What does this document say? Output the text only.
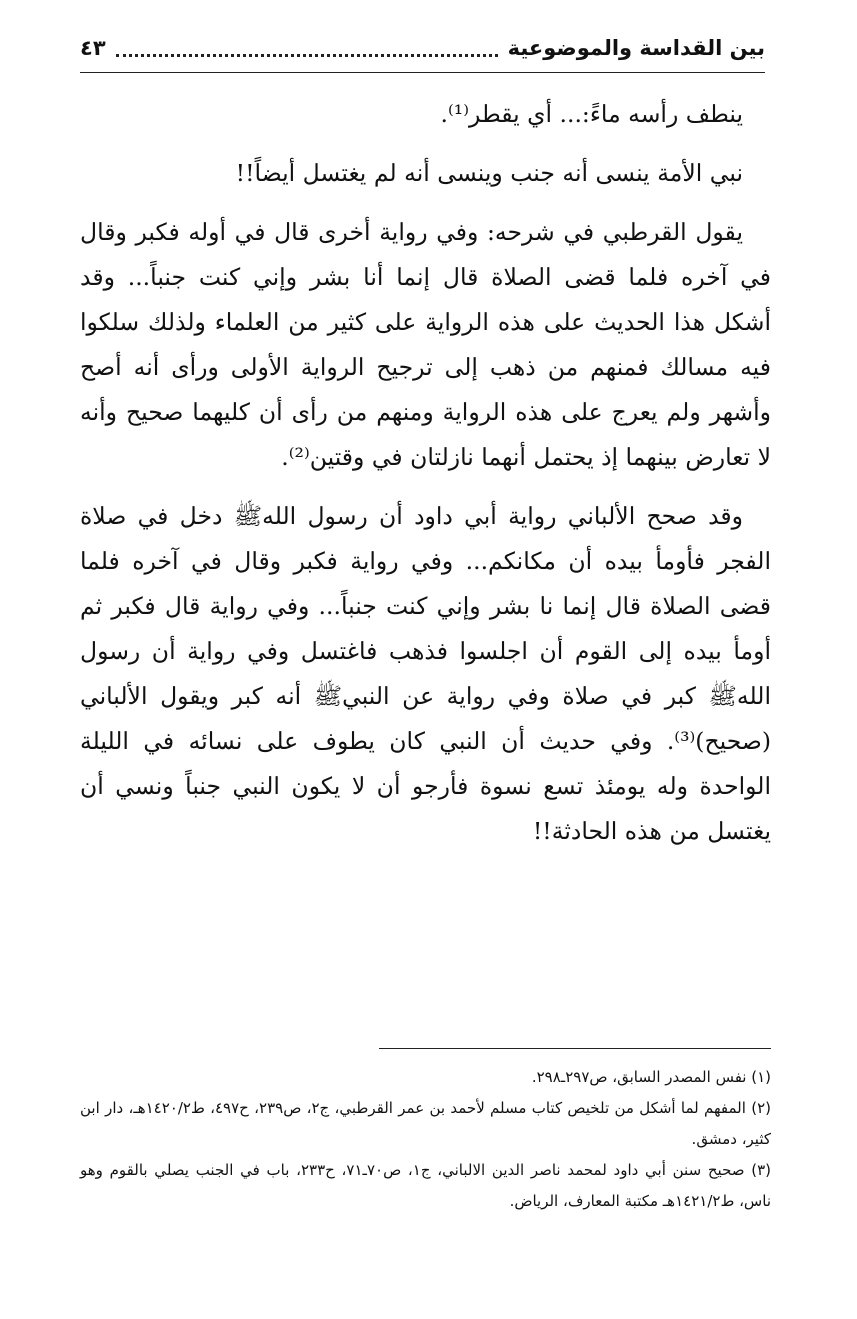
بين القداسة والموضوعية
٤٣

ينطف رأسه ماءً:... أي يقطر⁽¹⁾.

نبي الأمة ينسى أنه جنب وينسى أنه لم يغتسل أيضاً!!

يقول القرطبي في شرحه: وفي رواية أخرى قال في أوله فكبر وقال في آخره فلما قضى الصلاة قال إنما أنا بشر وإني كنت جنباً... وقد أشكل هذا الحديث على هذه الرواية على كثير من العلماء ولذلك سلكوا فيه مسالك فمنهم من ذهب إلى ترجيح الرواية الأولى ورأى أنه أصح وأشهر ولم يعرج على هذه الرواية ومنهم من رأى أن كليهما صحيح وأنه لا تعارض بينهما إذ يحتمل أنهما نازلتان في وقتين⁽²⁾.

وقد صحح الألباني رواية أبي داود أن رسول اللهﷺ دخل في صلاة الفجر فأومأ بيده أن مكانكم... وفي رواية فكبر وقال في آخره فلما قضى الصلاة قال إنما نا بشر وإني كنت جنباً... وفي رواية قال فكبر ثم أومأ بيده إلى القوم أن اجلسوا فذهب فاغتسل وفي رواية أن رسول اللهﷺ كبر في صلاة وفي رواية عن النبيﷺ أنه كبر ويقول الألباني (صحيح)⁽³⁾. وفي حديث أن النبي كان يطوف على نسائه في الليلة الواحدة وله يومئذ تسع نسوة فأرجو أن لا يكون النبي جنباً ونسي أن يغتسل من هذه الحادثة!!

(١) نفس المصدر السابق، ص٢٩٧ـ٢٩٨.

(٢) المفهم لما أشكل من تلخيص كتاب مسلم لأحمد بن عمر القرطبي، ج٢، ص٢٣٩، ح٤٩٧، ط١٤٢٠/٢هـ، دار ابن كثير، دمشق.

(٣) صحيح سنن أبي داود لمحمد ناصر الدين الالباني، ج١، ص٧٠ـ٧١، ح٢٣٣، باب في الجنب يصلي بالقوم وهو ناس، ط١٤٢١/٢هـ مكتبة المعارف، الرياض.
